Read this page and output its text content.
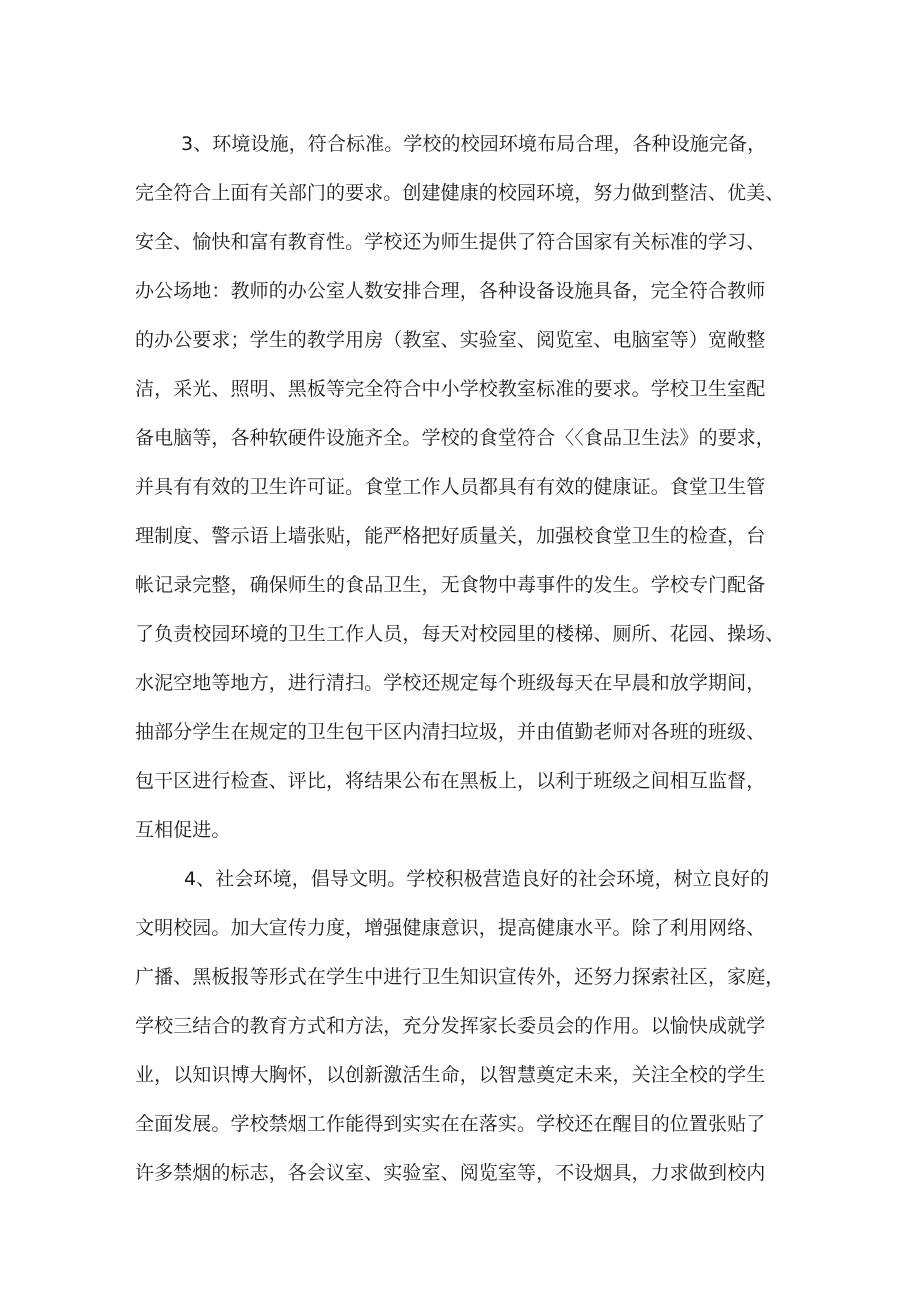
3、环境设施，符合标准。学校的校园环境布局合理，各种设施完备，
完全符合上面有关部门的要求。创建健康的校园环境，努力做到整洁、优美、
安全、愉快和富有教育性。学校还为师生提供了符合国家有关标准的学习、
办公场地：教师的办公室人数安排合理，各种设备设施具备，完全符合教师
的办公要求；学生的教学用房（教室、实验室、阅览室、电脑室等）宽敞整
洁，采光、照明、黑板等完全符合中小学校教室标准的要求。学校卫生室配
备电脑等，各种软硬件设施齐全。学校的食堂符合〈〈食品卫生法》的要求，
并具有有效的卫生许可证。食堂工作人员都具有有效的健康证。食堂卫生管
理制度、警示语上墙张贴，能严格把好质量关，加强校食堂卫生的检查，台
帐记录完整，确保师生的食品卫生，无食物中毒事件的发生。学校专门配备
了负责校园环境的卫生工作人员，每天对校园里的楼梯、厕所、花园、操场、
水泥空地等地方，进行清扫。学校还规定每个班级每天在早晨和放学期间，
抽部分学生在规定的卫生包干区内清扫垃圾，并由值勤老师对各班的班级、
包干区进行检查、评比，将结果公布在黑板上，以利于班级之间相互监督，
互相促进。
4、社会环境，倡导文明。学校积极营造良好的社会环境，树立良好的
文明校园。加大宣传力度，增强健康意识，提高健康水平。除了利用网络、
广播、黑板报等形式在学生中进行卫生知识宣传外，还努力探索社区，家庭，
学校三结合的教育方式和方法，充分发挥家长委员会的作用。以愉快成就学
业，以知识博大胸怀，以创新激活生命，以智慧奠定未来，关注全校的学生
全面发展。学校禁烟工作能得到实实在在落实。学校还在醒目的位置张贴了
许多禁烟的标志，各会议室、实验室、阅览室等，不设烟具，力求做到校内
